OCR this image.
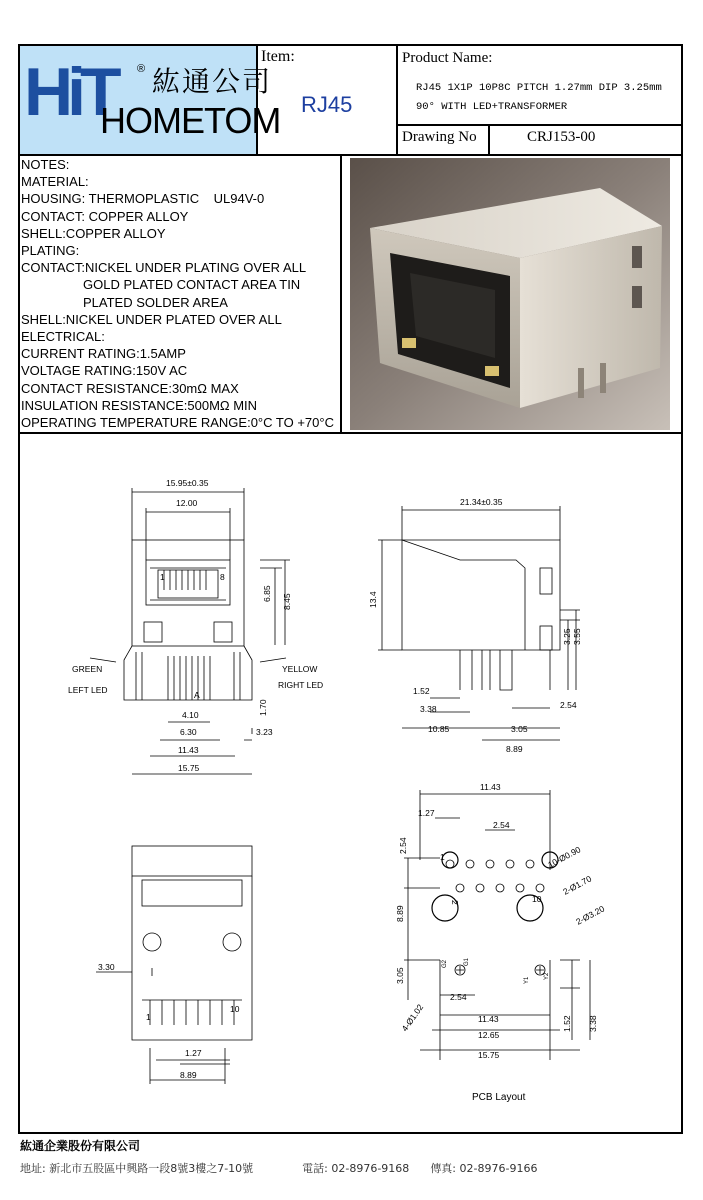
HiT ® 紘通公司
HOMETOM
Item:
RJ45
Product Name:
RJ45 1X1P 10P8C PITCH 1.27mm DIP 3.25mm
90° WITH LED+TRANSFORMER
Drawing No	CRJ153-00
NOTES:
MATERIAL:
HOUSING: THERMOPLASTIC    UL94V-0
CONTACT: COPPER ALLOY
SHELL:COPPER ALLOY
PLATING:
CONTACT:NICKEL UNDER PLATING OVER ALL
GOLD PLATED CONTACT AREA TIN
PLATED SOLDER AREA
SHELL:NICKEL UNDER PLATED OVER ALL
ELECTRICAL:
CURRENT RATING:1.5AMP
VOLTAGE RATING:150V AC
CONTACT RESISTANCE:30mΩ MAX
INSULATION RESISTANCE:500MΩ MIN
OPERATING TEMPERATURE RANGE:0°C TO +70°C
15.95±0.35
12.00
1	8
6.85 8.45
GREEN
LEFT LED
YELLOW
RIGHT LED
A
1.70
4.10
6.30	3.23
11.43
15.75
21.34±0.35
13.4
3.25 3.55
1.52
3.38
3.05
2.54
10.85
8.89
3.30
1
10
1.27
8.89
11.43
1.27
2.54
2.54
1
2	10
10-Ø0.90
2-Ø1.70
2-Ø3.20
4-Ø1.02
8.89
3.05
2.54
11.43
12.65
15.75
1.52 3.38
G1
G2
Y1
Y2
PCB Layout
紘通企業股份有限公司
地址: 新北市五股區中興路一段8號3樓之7-10號	電話: 02-8976-9168 傳真: 02-8976-9166
